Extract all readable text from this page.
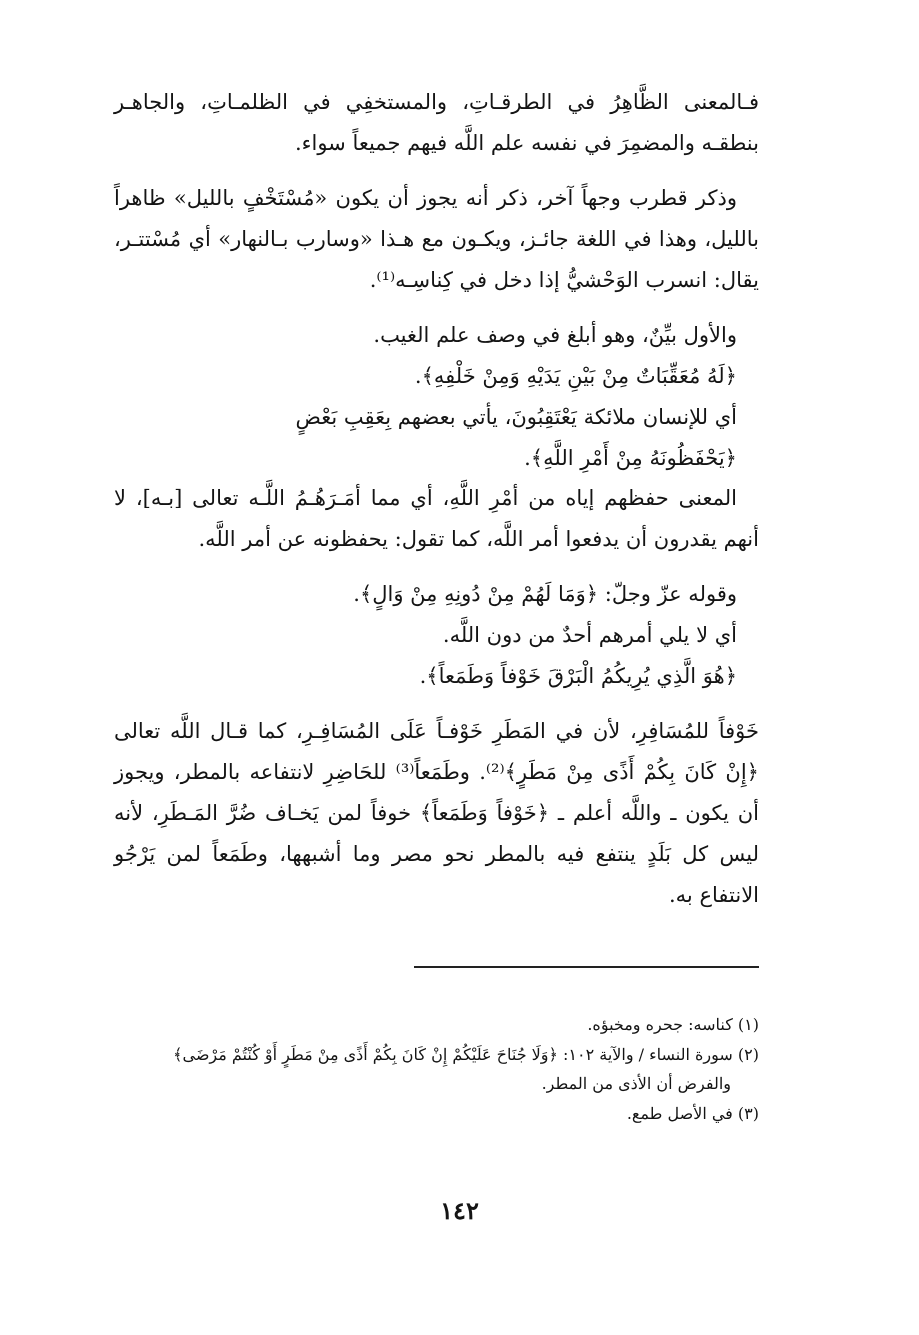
فـالمعنى الظَّاهِرُ في الطرقـاتِ، والمستخفِي في الظلمـاتِ، والجاهـر بنطقـه والمضمِرَ في نفسه علم اللَّه فيهم جميعاً سواء.

وذكر قطرب وجهاً آخر، ذكر أنه يجوز أن يكون «مُسْتَخْفٍ بالليل» ظاهراً بالليل، وهذا في اللغة جائـز، ويكـون مع هـذا «وسارب بـالنهار» أي مُسْتتـر، يقال: انسرب الوَحْشيُّ إذا دخل في كِناسِـه⁽¹⁾.

والأول بيِّنٌ، وهو أبلغ في وصف علم الغيب.

﴿لَهُ مُعَقِّبَاتٌ مِنْ بَيْنِ يَدَيْهِ وَمِنْ خَلْفِهِ﴾.

أي للإنسان ملائكة يَعْتَقِبُونَ، يأتي بعضهم بِعَقِبِ بَعْضٍ

﴿يَحْفَظُونَهُ مِنْ أَمْرِ اللَّهِ﴾.

المعنى حفظهم إياه من أمْرِ اللَّهِ، أي مما أمَـرَهُـمُ اللَّـه تعالى [بـه]، لا أنهم يقدرون أن يدفعوا أمر اللَّه، كما تقول: يحفظونه عن أمر اللَّه.

وقوله عزّ وجلّ: ﴿وَمَا لَهُمْ مِنْ دُونِهِ مِنْ وَالٍ﴾.

أي لا يلي أمرهم أحدٌ من دون اللَّه.

﴿هُوَ الَّذِي يُرِيكُمُ الْبَرْقَ خَوْفاً وَطَمَعاً﴾.

خَوْفاً للمُسَافِرِ، لأن في المَطَرِ خَوْفـاً عَلَى المُسَافِـرِ، كما قـال اللَّه تعالى ﴿إِنْ كَانَ بِكُمْ أَذًى مِنْ مَطَرٍ﴾⁽²⁾. وطَمَعاً⁽³⁾ للحَاضِرِ لانتفاعه بالمطر، ويجوز أن يكون ـ واللَّه أعلم ـ ﴿خَوْفاً وَطَمَعاً﴾ خوفاً لمن يَخـاف ضُرَّ المَـطَرِ، لأنه ليس كل بَلَدٍ ينتفع فيه بالمطر نحو مصر وما أشبهها، وطَمَعاً لمن يَرْجُو الانتفاع به.

(١) كناسه: جحره ومخبؤه.

(٢) سورة النساء / والآية ١٠٢: ﴿وَلَا جُنَاحَ عَلَيْكُمْ إِنْ كَانَ بِكُمْ أَذًى مِنْ مَطَرٍ أَوْ كُنْتُمْ مَرْضَى﴾

والفرض أن الأذى من المطر.

(٣) في الأصل طمع.

١٤٢
